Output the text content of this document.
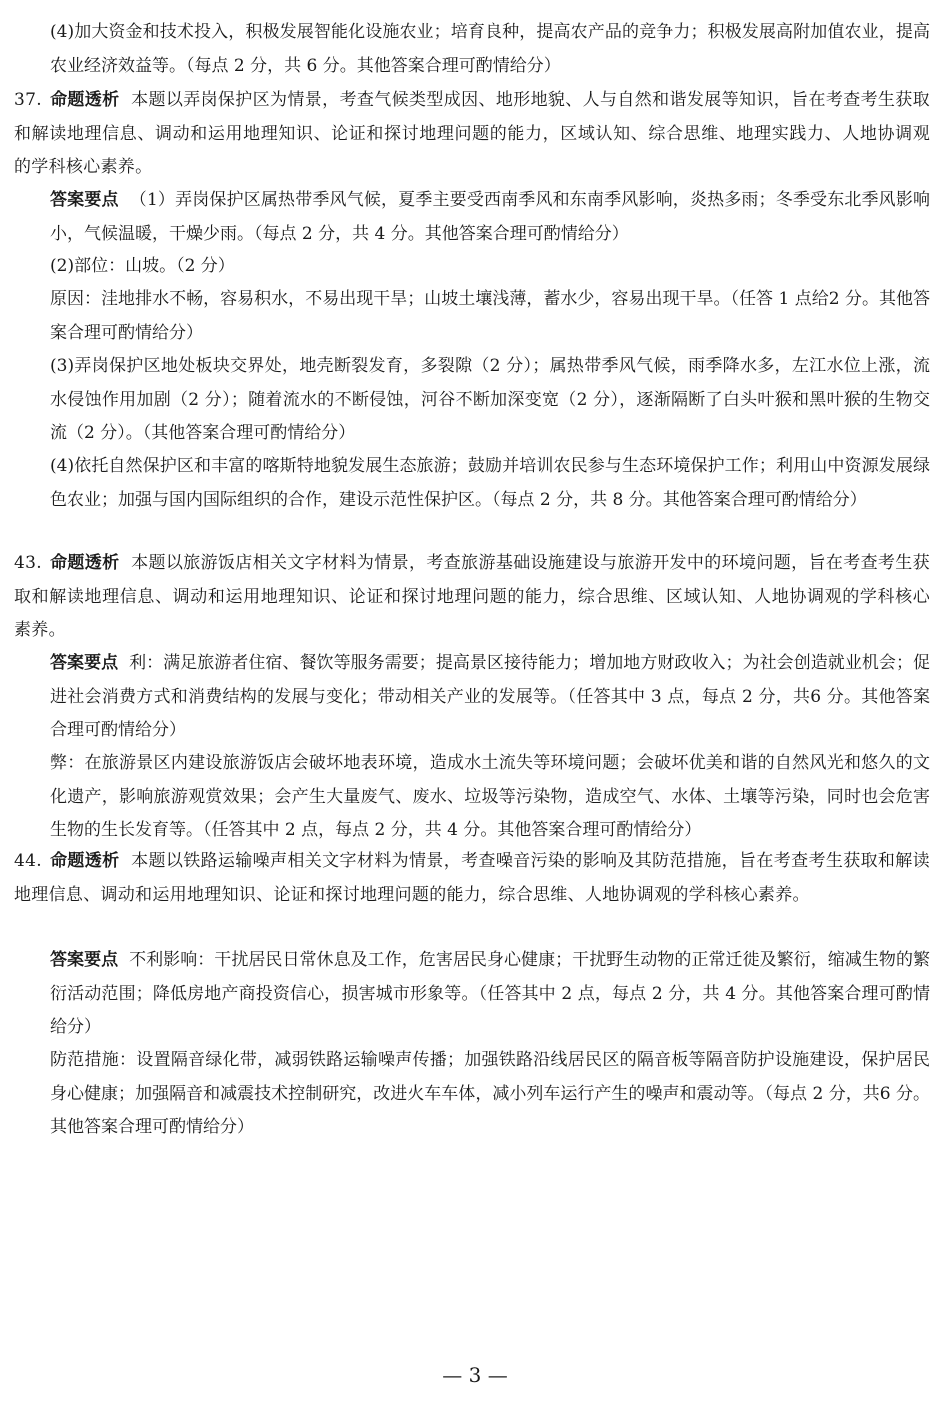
(4)加大资金和技术投入，积极发展智能化设施农业；培育良种，提高农产品的竞争力；积极发展高附加值农业，提高农业经济效益等。（每点 2 分，共 6 分。其他答案合理可酌情给分）

37. 命题透析 本题以弄岗保护区为情景，考查气候类型成因、地形地貌、人与自然和谐发展等知识，旨在考查考生获取和解读地理信息、调动和运用地理知识、论证和探讨地理问题的能力，区域认知、综合思维、地理实践力、人地协调观的学科核心素养。

答案要点 （1）弄岗保护区属热带季风气候，夏季主要受西南季风和东南季风影响，炎热多雨；冬季受东北季风影响小，气候温暖，干燥少雨。（每点 2 分，共 4 分。其他答案合理可酌情给分）

(2)部位：山坡。（2 分）

原因：洼地排水不畅，容易积水，不易出现干旱；山坡土壤浅薄，蓄水少，容易出现干旱。（任答 1 点给2 分。其他答案合理可酌情给分）

(3)弄岗保护区地处板块交界处，地壳断裂发育，多裂隙（2 分）；属热带季风气候，雨季降水多，左江水位上涨，流水侵蚀作用加剧（2 分）；随着流水的不断侵蚀，河谷不断加深变宽（2 分），逐渐隔断了白头叶猴和黑叶猴的生物交流（2 分）。（其他答案合理可酌情给分）

(4)依托自然保护区和丰富的喀斯特地貌发展生态旅游；鼓励并培训农民参与生态环境保护工作；利用山中资源发展绿色农业；加强与国内国际组织的合作，建设示范性保护区。（每点 2 分，共 8 分。其他答案合理可酌情给分）

43. 命题透析 本题以旅游饭店相关文字材料为情景，考查旅游基础设施建设与旅游开发中的环境问题，旨在考查考生获取和解读地理信息、调动和运用地理知识、论证和探讨地理问题的能力，综合思维、区域认知、人地协调观的学科核心素养。

答案要点 利：满足旅游者住宿、餐饮等服务需要；提高景区接待能力；增加地方财政收入；为社会创造就业机会；促进社会消费方式和消费结构的发展与变化；带动相关产业的发展等。（任答其中 3 点，每点 2 分，共6 分。其他答案合理可酌情给分）

弊：在旅游景区内建设旅游饭店会破坏地表环境，造成水土流失等环境问题；会破坏优美和谐的自然风光和悠久的文化遗产，影响旅游观赏效果；会产生大量废气、废水、垃圾等污染物，造成空气、水体、土壤等污染，同时也会危害生物的生长发育等。（任答其中 2 点，每点 2 分，共 4 分。其他答案合理可酌情给分）

44. 命题透析 本题以铁路运输噪声相关文字材料为情景，考查噪音污染的影响及其防范措施，旨在考查考生获取和解读地理信息、调动和运用地理知识、论证和探讨地理问题的能力，综合思维、人地协调观的学科核心素养。

答案要点 不利影响：干扰居民日常休息及工作，危害居民身心健康；干扰野生动物的正常迁徙及繁衍，缩减生物的繁衍活动范围；降低房地产商投资信心，损害城市形象等。（任答其中 2 点，每点 2 分，共 4 分。其他答案合理可酌情给分）

防范措施：设置隔音绿化带，减弱铁路运输噪声传播；加强铁路沿线居民区的隔音板等隔音防护设施建设，保护居民身心健康；加强隔音和减震技术控制研究，改进火车车体，减小列车运行产生的噪声和震动等。（每点 2 分，共6 分。其他答案合理可酌情给分）

— 3 —
